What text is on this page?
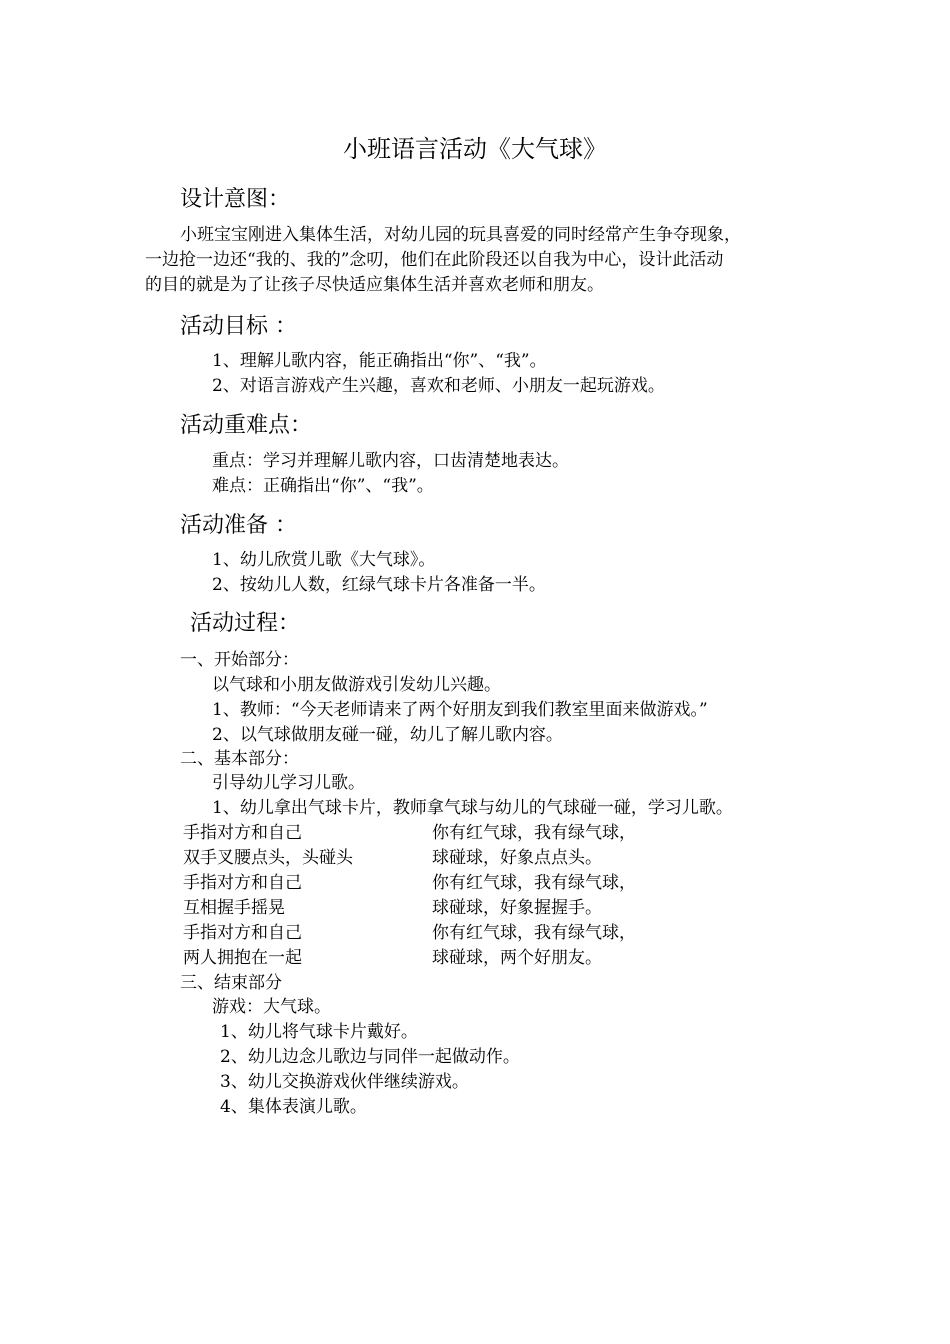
小班语言活动《大气球》
设计意图：
小班宝宝刚进入集体生活，对幼儿园的玩具喜爱的同时经常产生争夺现象，
一边抢一边还“我的、我的”念叨，他们在此阶段还以自我为中心，设计此活动
的目的就是为了让孩子尽快适应集体生活并喜欢老师和朋友。
活动目标 ：
1、理解儿歌内容，能正确指出“你”、“我”。
2、对语言游戏产生兴趣，喜欢和老师、小朋友一起玩游戏。
活动重难点：
重点：学习并理解儿歌内容，口齿清楚地表达。
难点：正确指出“你”、“我”。
活动准备 ：
1、幼儿欣赏儿歌《大气球》。
2、按幼儿人数，红绿气球卡片各准备一半。
活动过程：
一、开始部分：
以气球和小朋友做游戏引发幼儿兴趣。
1、教师：“今天老师请来了两个好朋友到我们教室里面来做游戏。”
2、以气球做朋友碰一碰，幼儿了解儿歌内容。
二、基本部分：
引导幼儿学习儿歌。
1、幼儿拿出气球卡片，教师拿气球与幼儿的气球碰一碰，学习儿歌。
手指对方和自己	你有红气球，我有绿气球，
双手叉腰点头，头碰头	球碰球，好象点点头。
手指对方和自己	你有红气球，我有绿气球，
互相握手摇晃	球碰球，好象握握手。
手指对方和自己	你有红气球，我有绿气球，
两人拥抱在一起	球碰球，两个好朋友。
三、结束部分
游戏：大气球。
1、幼儿将气球卡片戴好。
2、幼儿边念儿歌边与同伴一起做动作。
3、幼儿交换游戏伙伴继续游戏。
4、集体表演儿歌。
